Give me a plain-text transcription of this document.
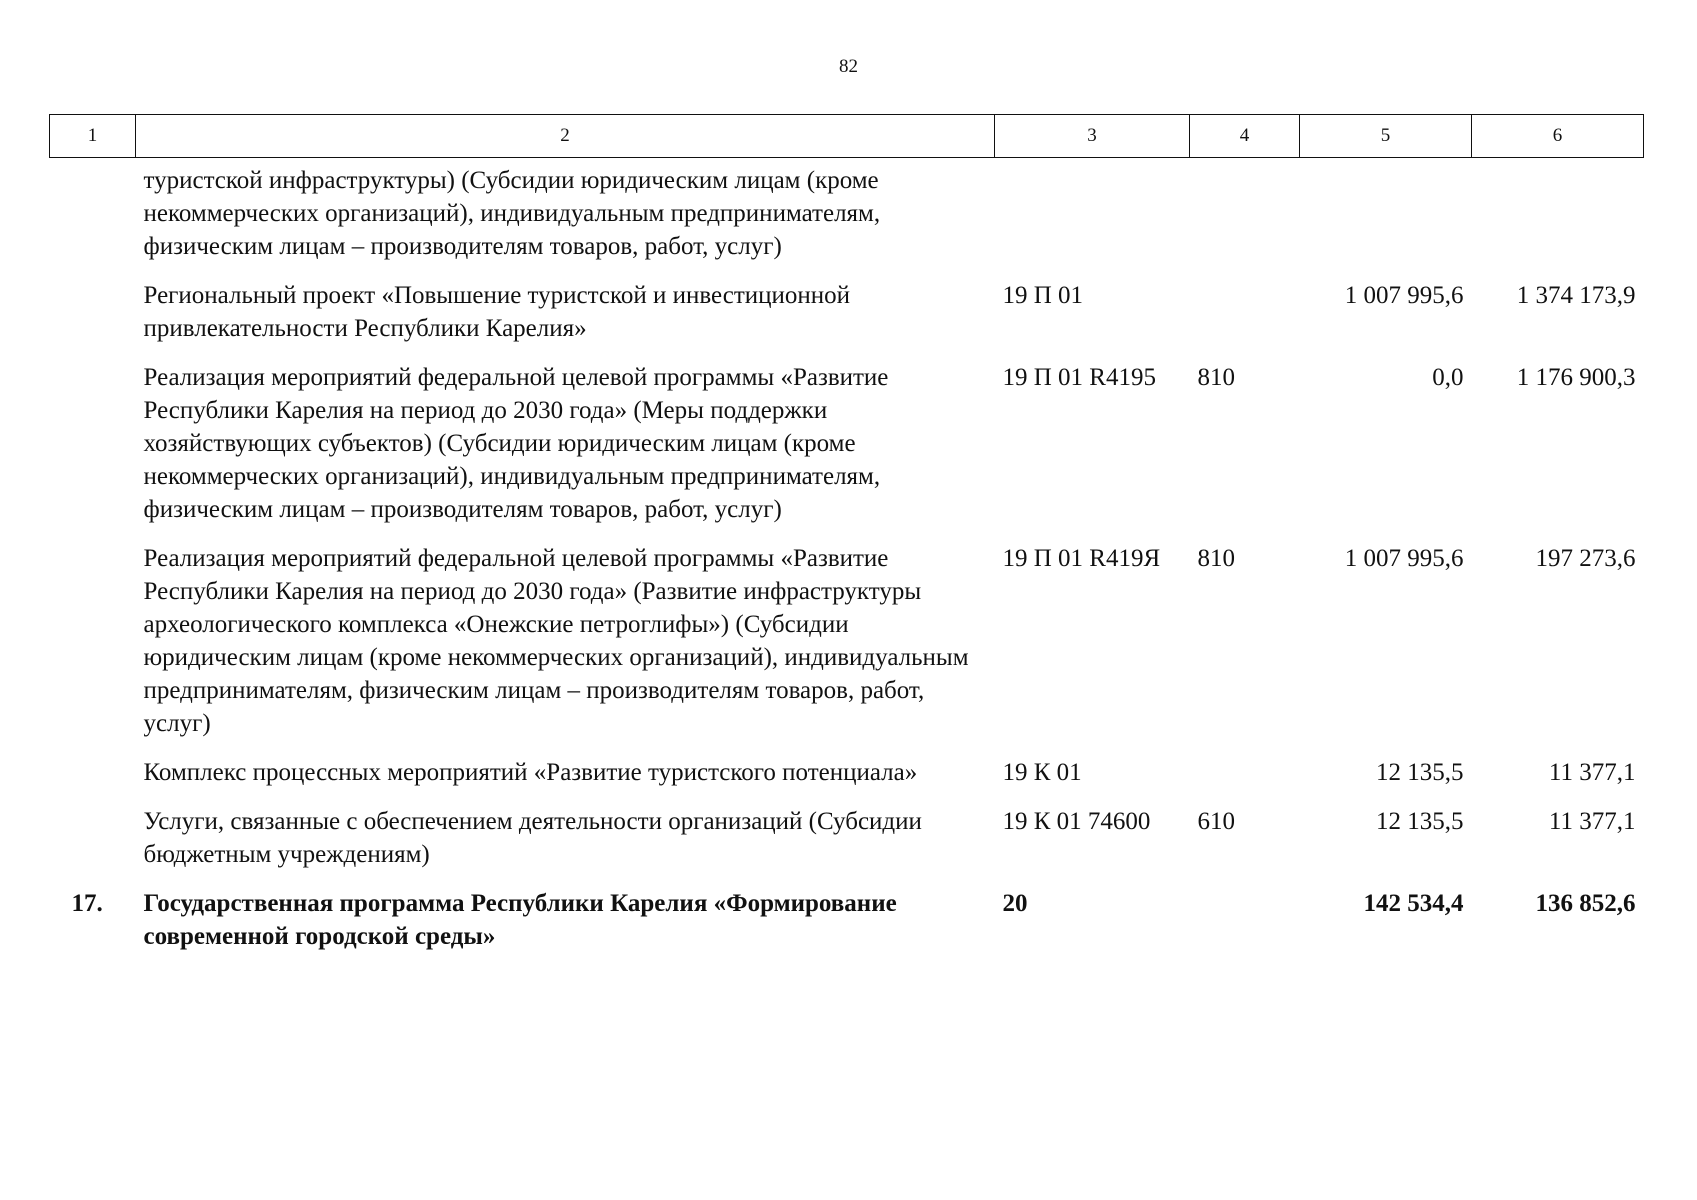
82
1	2	3	4	5	6
	туристской инфраструктуры) (Субсидии юридическим лицам (кроме некоммерческих организаций), индивидуальным предпринимателям, физическим лицам – производителям товаров, работ, услуг)				
	Региональный проект «Повышение туристской и инвестиционной привлекательности Республики Карелия»	19 П 01		1 007 995,6	1 374 173,9
	Реализация мероприятий федеральной целевой программы «Развитие Республики Карелия на период до 2030 года» (Меры поддержки хозяйствующих субъектов) (Субсидии юридическим лицам (кроме некоммерческих организаций), индивидуальным предпринимателям, физическим лицам – производителям товаров, работ, услуг)	19 П 01 R4195	810	0,0	1 176 900,3
	Реализация мероприятий федеральной целевой программы «Развитие Республики Карелия на период до 2030 года» (Развитие инфраструктуры археологического комплекса «Онежские петроглифы») (Субсидии юридическим лицам (кроме некоммерческих организаций), индивидуальным предпринимателям, физическим лицам – производителям товаров, работ, услуг)	19 П 01 R419Я	810	1 007 995,6	197 273,6
	Комплекс процессных мероприятий «Развитие туристского потенциала»	19 К 01		12 135,5	11 377,1
	Услуги, связанные с обеспечением деятельности организаций (Субсидии бюджетным учреждениям)	19 К 01 74600	610	12 135,5	11 377,1
17.	Государственная программа Республики Карелия «Формирование современной городской среды»	20		142 534,4	136 852,6
